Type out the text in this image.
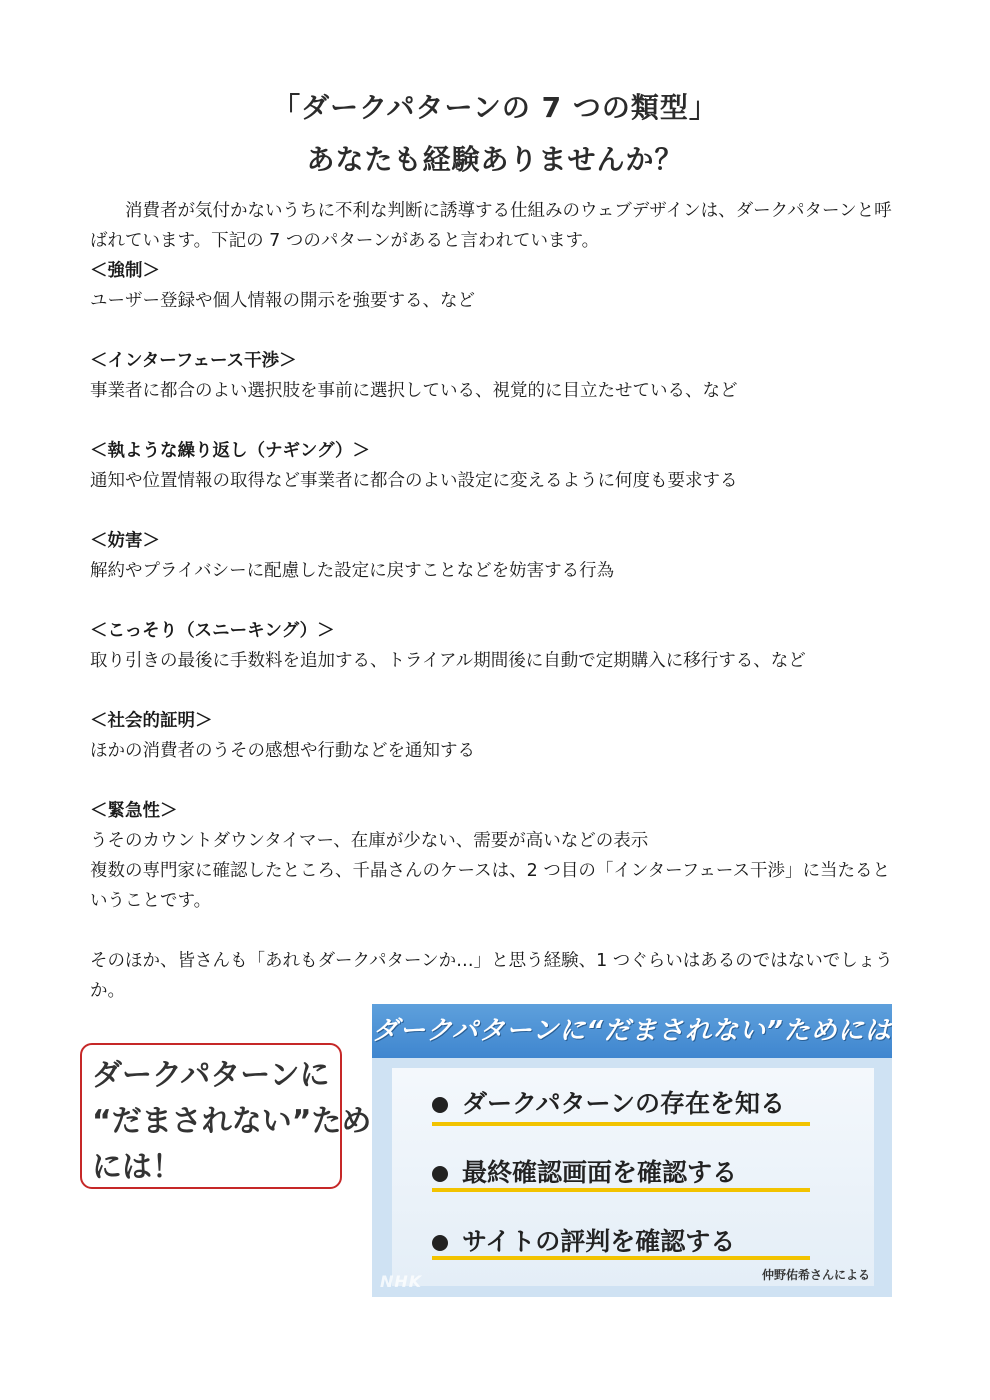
「ダークパターンの 7 つの類型」
あなたも経験ありませんか？

消費者が気付かないうちに不利な判断に誘導する仕組みのウェブデザインは、ダークパターンと呼ばれています。下記の 7 つのパターンがあると言われています。

＜強制＞

ユーザー登録や個人情報の開示を強要する、など

＜インターフェース干渉＞

事業者に都合のよい選択肢を事前に選択している、視覚的に目立たせている、など

＜執ような繰り返し（ナギング）＞

通知や位置情報の取得など事業者に都合のよい設定に変えるように何度も要求する

＜妨害＞

解約やプライバシーに配慮した設定に戻すことなどを妨害する行為

＜こっそり（スニーキング）＞

取り引きの最後に手数料を追加する、トライアル期間後に自動で定期購入に移行する、など

＜社会的証明＞

ほかの消費者のうその感想や行動などを通知する

＜緊急性＞

うそのカウントダウンタイマー、在庫が少ない、需要が高いなどの表示

複数の専門家に確認したところ、千晶さんのケースは、2 つ目の「インターフェース干渉」に当たるということです。

そのほか、皆さんも「あれもダークパターンか…」と思う経験、1 つぐらいはあるのではないでしょうか。

ダークパターンに
“だまされない”ため
には！
ダークパターンに“だまされない”ためには
ダークパターンの存在を知る
最終確認画面を確認する
サイトの評判を確認する
仲野佑希さんによる
NHK
